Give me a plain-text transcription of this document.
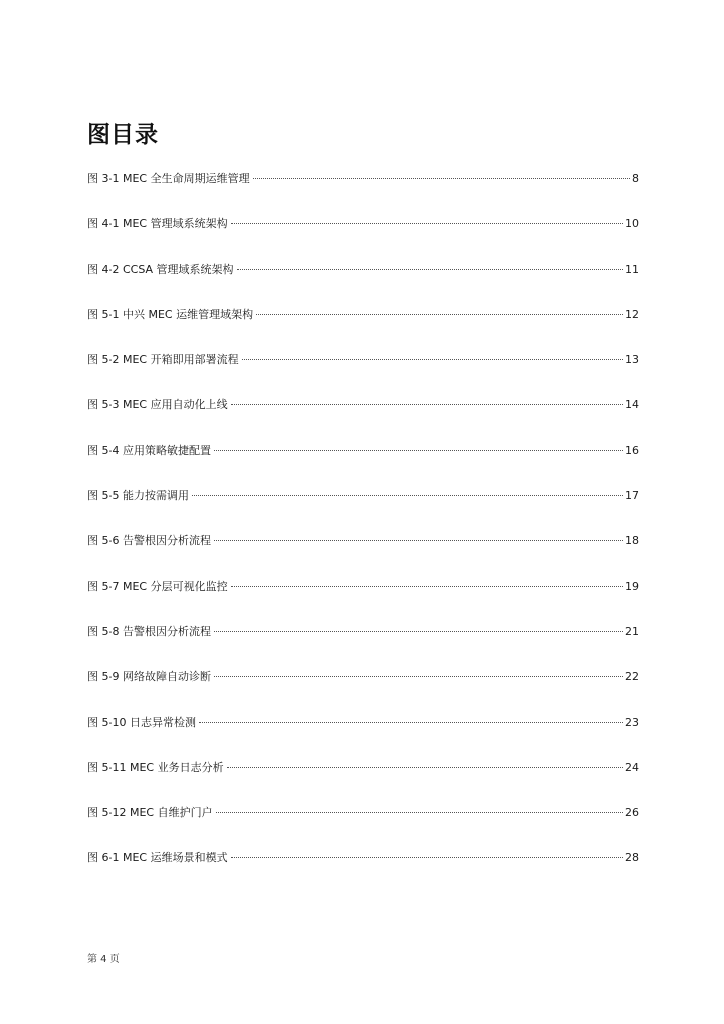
图目录
图 3-1 MEC 全生命周期运维管理	8
图 4-1 MEC 管理域系统架构	10
图 4-2 CCSA 管理域系统架构	11
图 5-1 中兴 MEC 运维管理域架构	12
图 5-2 MEC 开箱即用部署流程	13
图 5-3 MEC 应用自动化上线	14
图 5-4 应用策略敏捷配置	16
图 5-5 能力按需调用	17
图 5-6 告警根因分析流程	18
图 5-7 MEC 分层可视化监控	19
图 5-8 告警根因分析流程	21
图 5-9 网络故障自动诊断	22
图 5-10 日志异常检测	23
图 5-11 MEC 业务日志分析	24
图 5-12 MEC 自维护门户	26
图 6-1 MEC 运维场景和模式	28
第 4 页
